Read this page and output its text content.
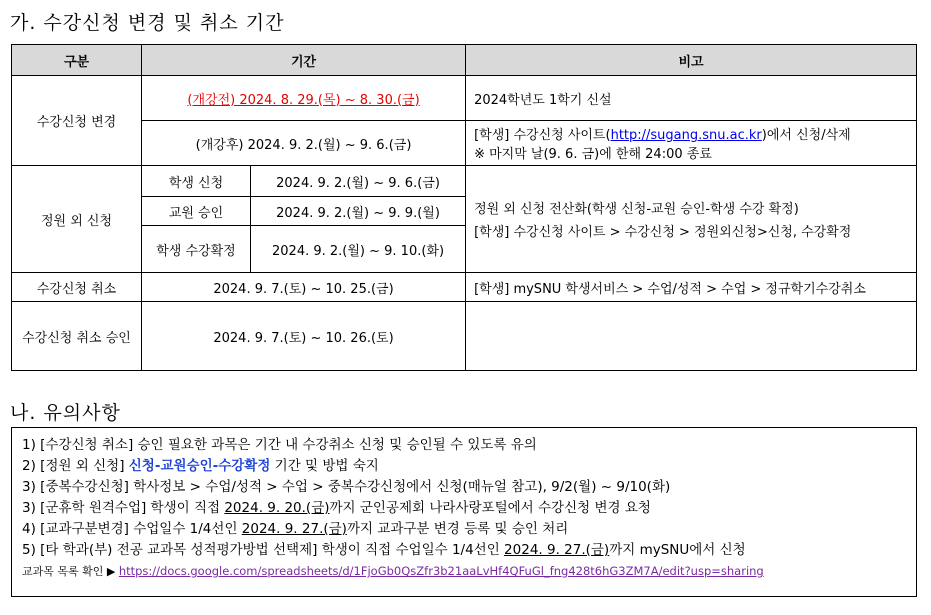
가. 수강신청 변경 및 취소 기간
구분	기간		비고
수강신청 변경	(개강전) 2024. 8. 29.(목) ~ 8. 30.(금)		2024학년도 1학기 신설
	(개강후) 2024. 9. 2.(월) ~ 9. 6.(금)		[학생] 수강신청 사이트(http://sugang.snu.ac.kr)에서 신청/삭제
※ 마지막 날(9. 6. 금)에 한해 24:00 종료

정원 외 신청	학생 신청	2024. 9. 2.(월) ~ 9. 6.(금)	정원 외 신청 전산화(학생 신청-교원 승인-학생 수강 확정)
[학생] 수강신청 사이트 > 수강신청 > 정원외신청>신청, 수강확정

	교원 승인	2024. 9. 2.(월) ~ 9. 9.(월)	
	학생 수강확정	2024. 9. 2.(월) ~ 9. 10.(화)	
수강신청 취소	2024. 9. 7.(토) ~ 10. 25.(금)		[학생] mySNU 학생서비스 > 수업/성적 > 수업 > 정규학기수강취소
수강신청 취소 승인	2024. 9. 7.(토) ~ 10. 26.(토)		
나. 유의사항
1) [수강신청 취소] 승인 필요한 과목은 기간 내 수강취소 신청 및 승인될 수 있도록 유의
2) [정원 외 신청] 신청-교원승인-수강확정 기간 및 방법 숙지
3) [중복수강신청] 학사정보 > 수업/성적 > 수업 > 중복수강신청에서 신청(매뉴얼 참고), 9/2(월) ~ 9/10(화)
3) [군휴학 원격수업] 학생이 직접 2024. 9. 20.(금)까지 군인공제회 나라사랑포털에서 수강신청 변경 요청
4) [교과구분변경] 수업일수 1/4선인 2024. 9. 27.(금)까지 교과구분 변경 등록 및 승인 처리
5) [타 학과(부) 전공 교과목 성적평가방법 선택제] 학생이 직접 수업일수 1/4선인 2024. 9. 27.(금)까지 mySNU에서 신청
교과목 목록 확인 ▶ https://docs.google.com/spreadsheets/d/1FjoGb0QsZfr3b21aaLvHf4QFuGl_fng428t6hG3ZM7A/edit?usp=sharing
